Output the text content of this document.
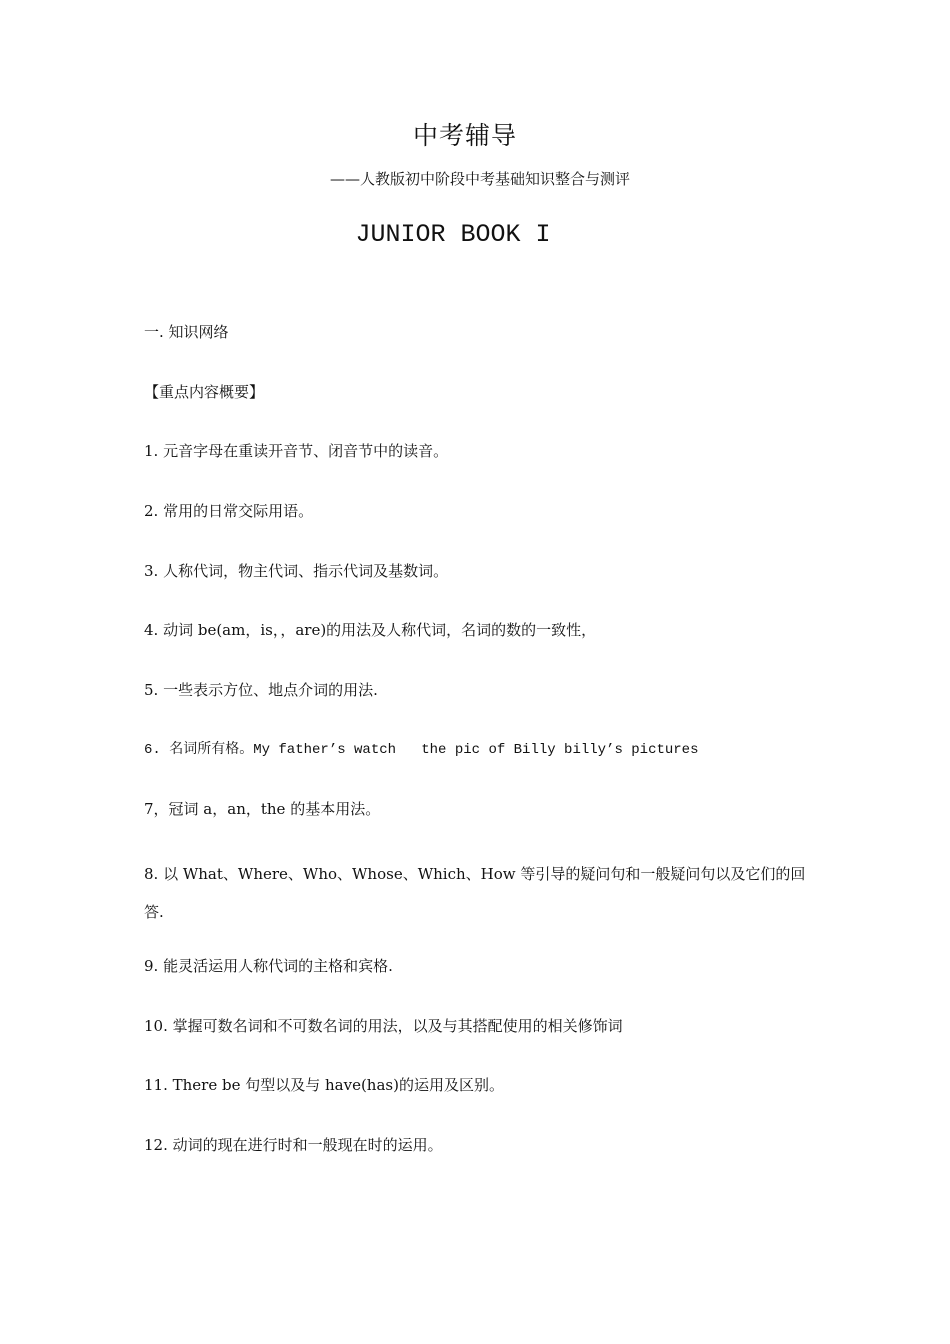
中考辅导
——人教版初中阶段中考基础知识整合与测评
JUNIOR BOOK I
一. 知识网络
【重点内容概要】
1. 元音字母在重读开音节、闭音节中的读音。
2. 常用的日常交际用语。
3. 人称代词，物主代词、指示代词及基数词。
4. 动词 be(am，is，，are)的用法及人称代词，名词的数的一致性，
5. 一些表示方位、地点介词的用法.
6. 名词所有格。My father’s watch   the pic of Billy billy’s pictures
7，冠词 a，an，the 的基本用法。
8. 以 What、Where、Who、Whose、Which、How 等引导的疑问句和一般疑问句以及它们的回答.
9. 能灵活运用人称代词的主格和宾格.
10. 掌握可数名词和不可数名词的用法，以及与其搭配使用的相关修饰词
11. There be 句型以及与 have(has)的运用及区别。
12. 动词的现在进行时和一般现在时的运用。
